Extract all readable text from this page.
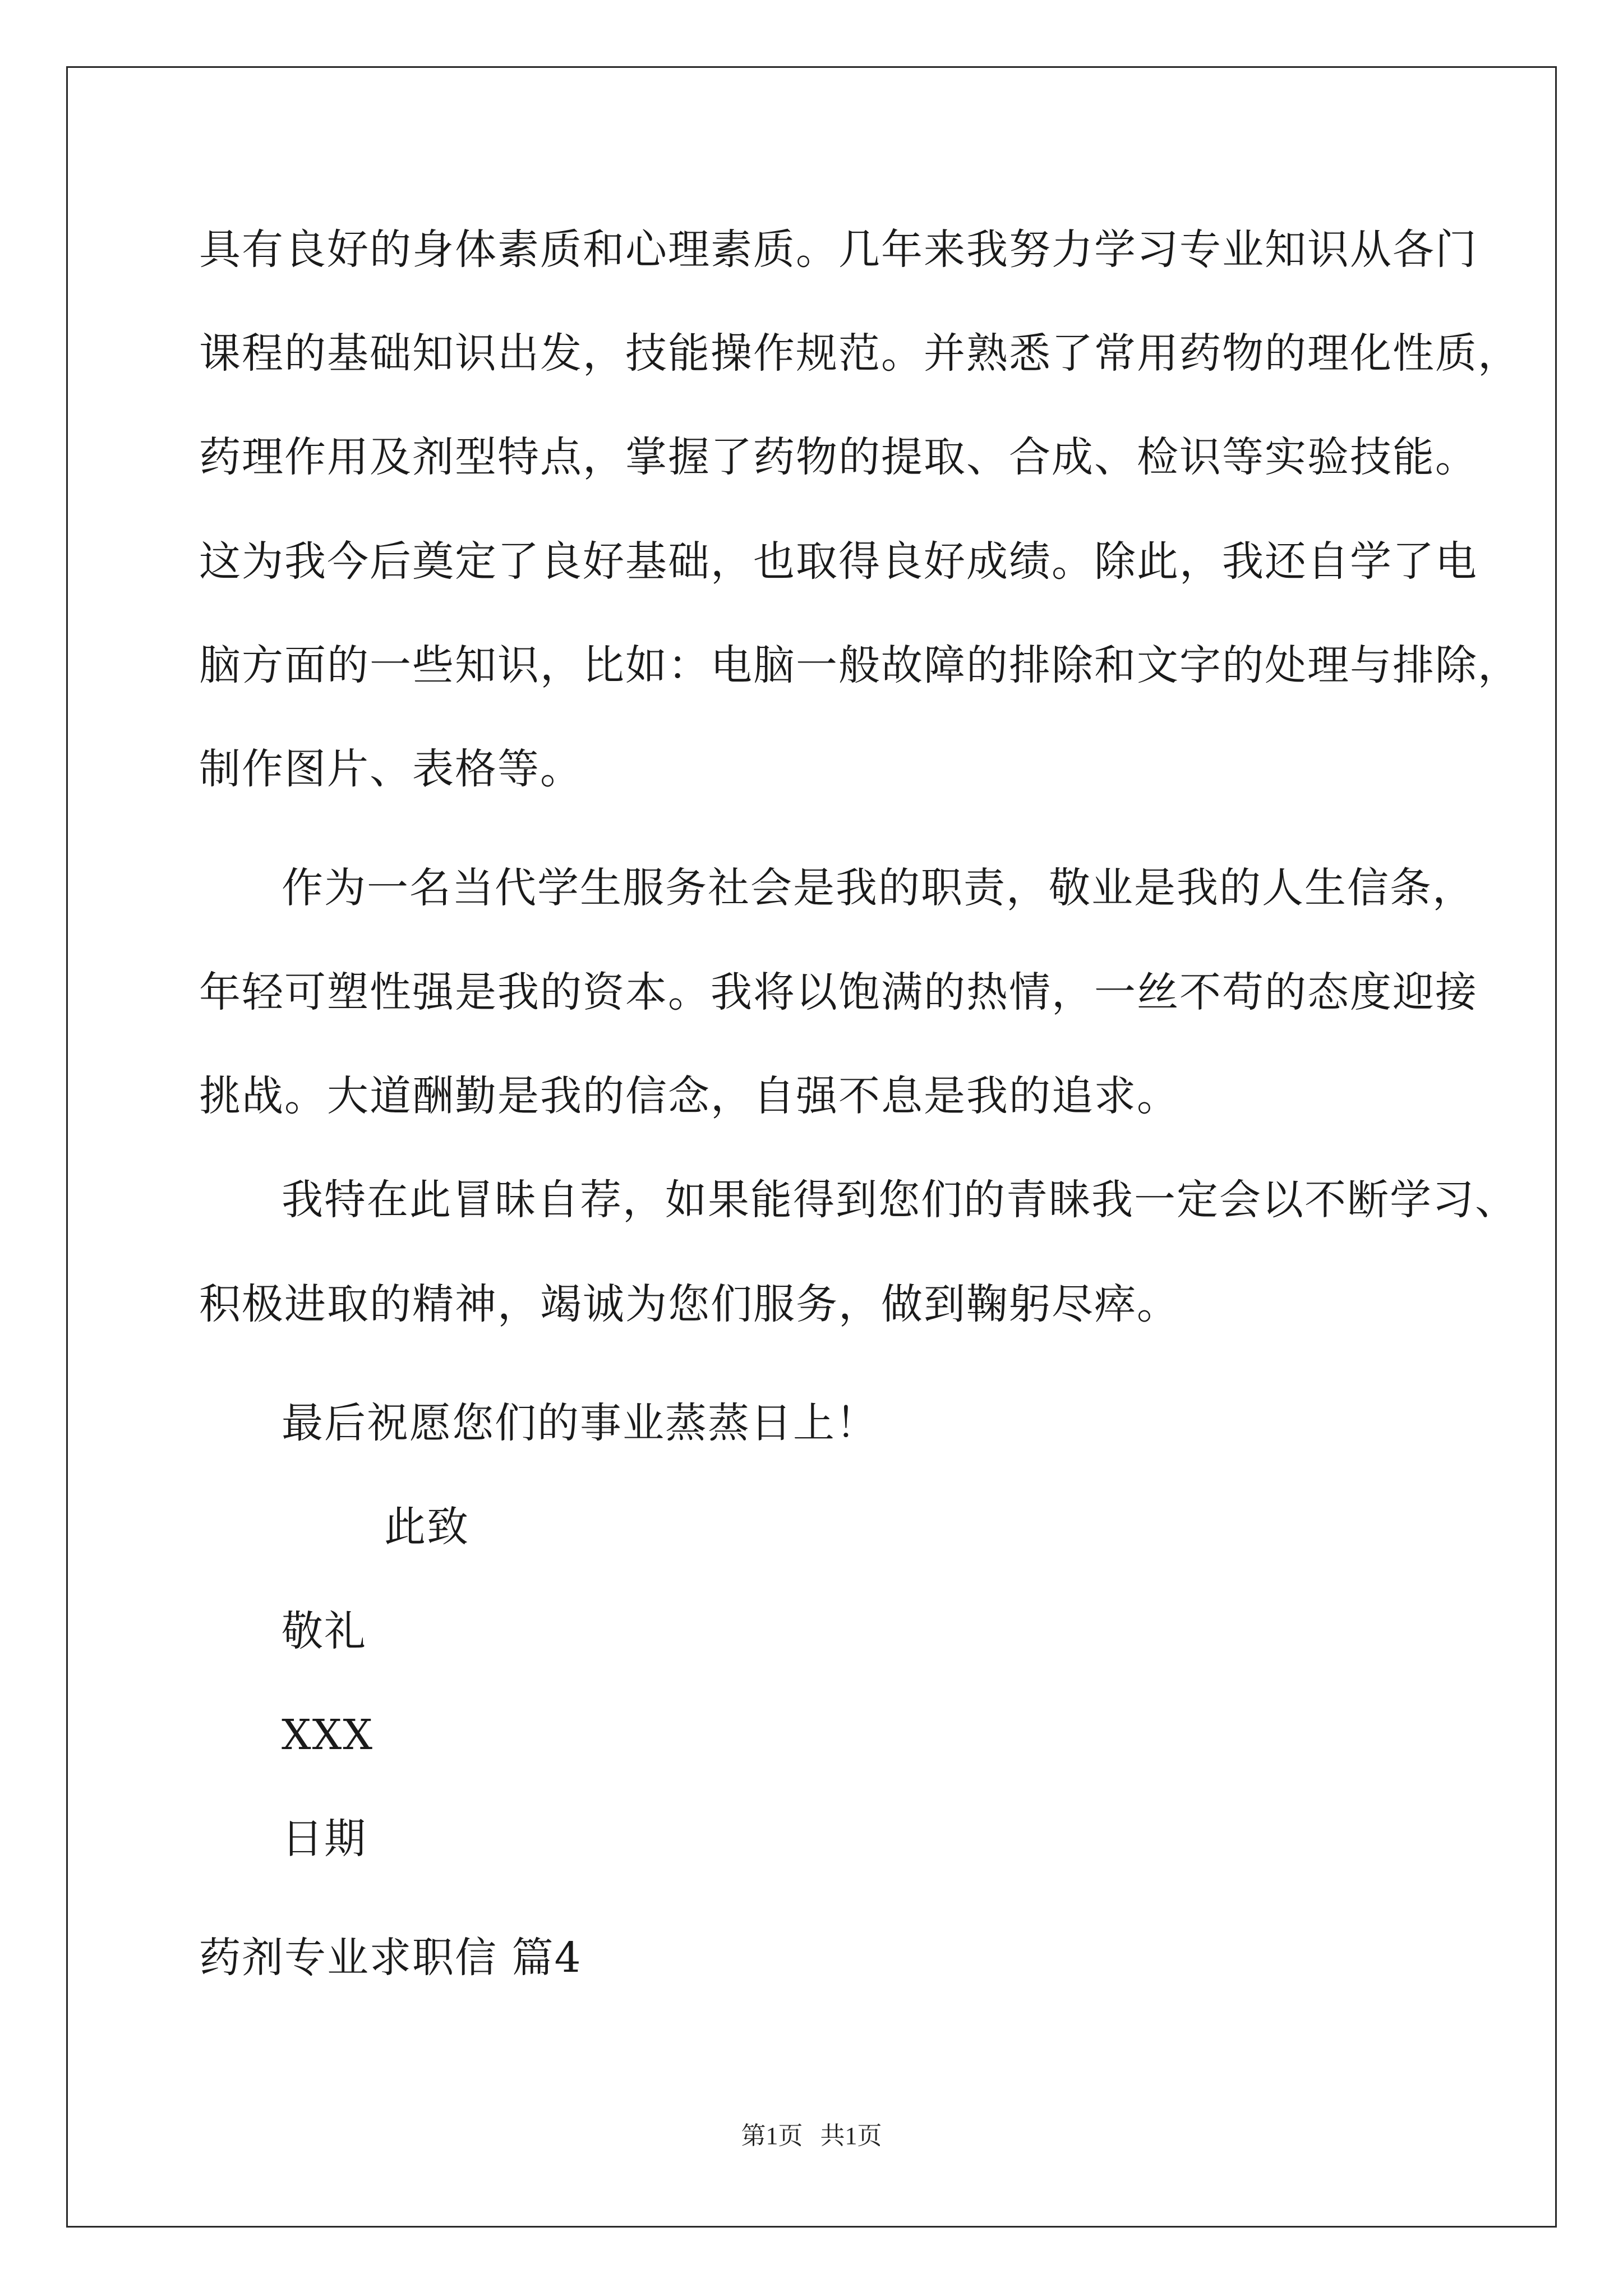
具有良好的身体素质和心理素质。几年来我努力学习专业知识从各门
课程的基础知识出发，技能操作规范。并熟悉了常用药物的理化性质，
药理作用及剂型特点，掌握了药物的提取、合成、检识等实验技能。
这为我今后奠定了良好基础，也取得良好成绩。除此，我还自学了电
脑方面的一些知识，比如：电脑一般故障的排除和文字的处理与排除，
制作图片、表格等。
作为一名当代学生服务社会是我的职责，敬业是我的人生信条，
年轻可塑性强是我的资本。我将以饱满的热情，一丝不苟的态度迎接
挑战。大道酬勤是我的信念，自强不息是我的追求。
我特在此冒昧自荐，如果能得到您们的青睐我一定会以不断学习、
积极进取的精神，竭诚为您们服务，做到鞠躬尽瘁。
最后祝愿您们的事业蒸蒸日上！
此致
敬礼
XXX
日期
药剂专业求职信 篇4
第1页 共1页
